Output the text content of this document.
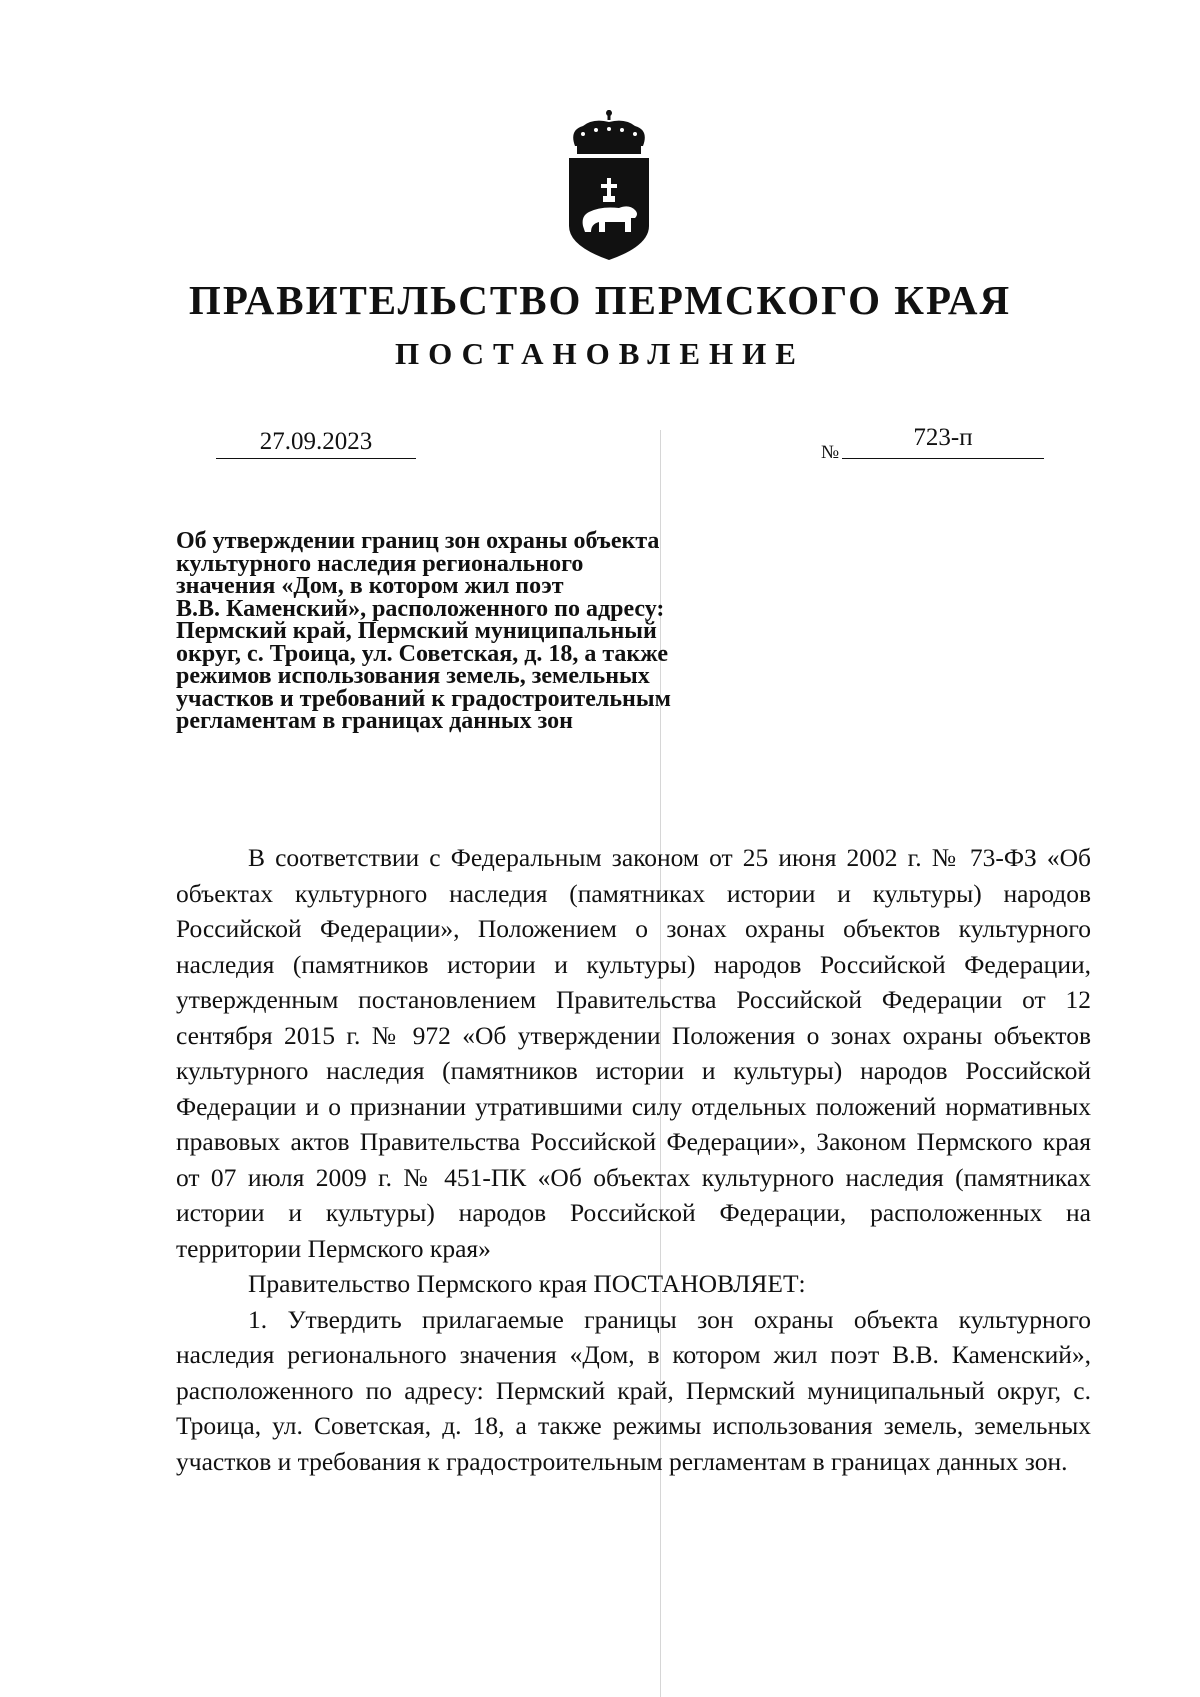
ПРАВИТЕЛЬСТВО ПЕРМСКОГО КРАЯ
ПОСТАНОВЛЕНИЕ
27.09.2023	№
723-п
Об утверждении границ зон охраны объекта
культурного наследия регионального
значения «Дом, в котором жил поэт
В.В. Каменский», расположенного по адресу:
Пермский край, Пермский муниципальный
округ, с. Троица, ул. Советская, д. 18, а также
режимов использования земель, земельных
участков и требований к градостроительным
регламентам в границах данных зон

В соответствии с Федеральным законом от 25 июня 2002 г. № 73-ФЗ «Об объектах культурного наследия (памятниках истории и культуры) народов Российской Федерации», Положением о зонах охраны объектов культурного наследия (памятников истории и культуры) народов Российской Федерации, утвержденным постановлением Правительства Российской Федерации от 12 сентября 2015 г. № 972 «Об утверждении Положения о зонах охраны объектов культурного наследия (памятников истории и культуры) народов Российской Федерации и о признании утратившими силу отдельных положений нормативных правовых актов Правительства Российской Федерации», Законом Пермского края от 07 июля 2009 г. № 451-ПК «Об объектах культурного наследия (памятниках истории и культуры) народов Российской Федерации, расположенных на территории Пермского края»

Правительство Пермского края ПОСТАНОВЛЯЕТ:

1. Утвердить прилагаемые границы зон охраны объекта культурного наследия регионального значения «Дом, в котором жил поэт В.В. Каменский», расположенного по адресу: Пермский край, Пермский муниципальный округ, с. Троица, ул. Советская, д. 18, а также режимы использования земель, земельных участков и требования к градостроительным регламентам в границах данных зон.
